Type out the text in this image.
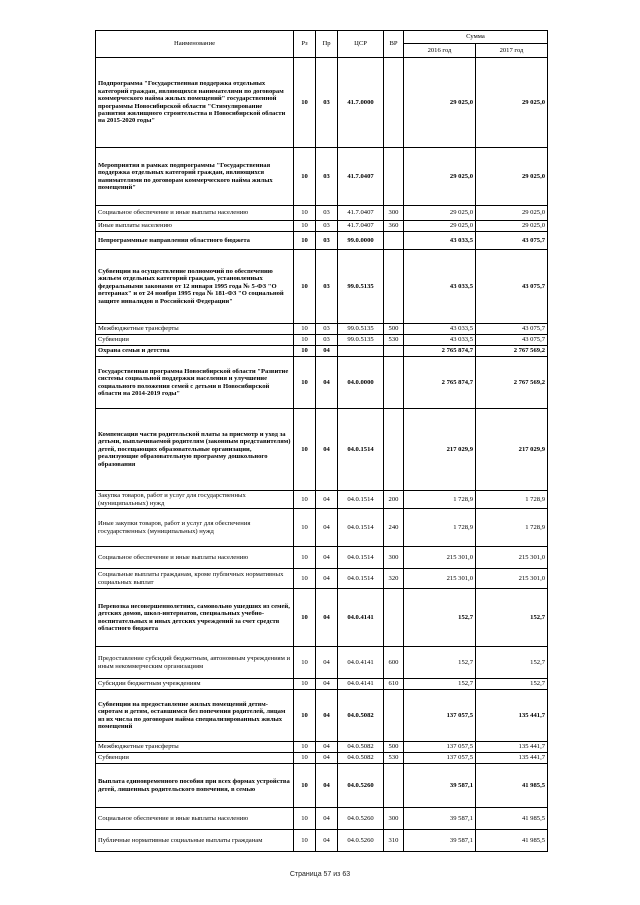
Наименование	Рз	Пр	ЦСР	ВР	Сумма	
					2016 год	2017 год
Подпрограмма "Государственная поддержка отдельных категорий граждан, являющихся нанимателями по договорам коммерческого найма жилых помещений" государственной программы Новосибирской области "Стимулирование развития жилищного строительства в Новосибирской области на 2015-2020 годы"	10	03	41.7.0000		29 025,0	29 025,0
Мероприятия в рамках подпрограммы "Государственная поддержка отдельных категорий граждан, являющихся нанимателями по договорам коммерческого найма жилых помещений"	10	03	41.7.0407		29 025,0	29 025,0
Социальное обеспечение и иные выплаты населению	10	03	41.7.0407	300	29 025,0	29 025,0
Иные выплаты населению	10	03	41.7.0407	360	29 025,0	29 025,0
Непрограммные направления областного бюджета	10	03	99.0.0000		43 033,5	43 075,7
Субвенции на осуществление полномочий по обеспечению жильем отдельных категорий граждан, установленных федеральными законами от 12 января 1995 года № 5-ФЗ "О ветеранах" и от 24 ноября 1995 года № 181-ФЗ "О социальной защите инвалидов в Российской Федерации"	10	03	99.0.5135		43 033,5	43 075,7
Межбюджетные трансферты	10	03	99.0.5135	500	43 033,5	43 075,7
Субвенции	10	03	99.0.5135	530	43 033,5	43 075,7
Охрана семьи и детства	10	04			2 765 874,7	2 767 569,2
Государственная программа Новосибирской области "Развитие системы социальной поддержки населения и улучшение социального положения семей с детьми в Новосибирской области на 2014-2019 годы"	10	04	04.0.0000		2 765 874,7	2 767 569,2
Компенсация части родительской платы за присмотр и уход за детьми, выплачиваемой родителям (законным представителям) детей, посещающих образовательные организации, реализующие образовательную программу дошкольного образования	10	04	04.0.1514		217 029,9	217 029,9
Закупка товаров, работ и услуг для государственных (муниципальных) нужд	10	04	04.0.1514	200	1 728,9	1 728,9
Иные закупки товаров, работ и услуг для обеспечения государственных (муниципальных) нужд	10	04	04.0.1514	240	1 728,9	1 728,9
Социальное обеспечение и иные выплаты населению	10	04	04.0.1514	300	215 301,0	215 301,0
Социальные выплаты гражданам, кроме публичных нормативных социальных выплат	10	04	04.0.1514	320	215 301,0	215 301,0
Перевозка несовершеннолетних, самовольно ушедших из семей, детских домов, школ-интернатов, специальных учебно-воспитательных и иных детских учреждений за счет средств областного бюджета	10	04	04.0.4141		152,7	152,7
Предоставление субсидий бюджетным, автономным учреждениям и иным некоммерческим организациям	10	04	04.0.4141	600	152,7	152,7
Субсидии бюджетным учреждениям	10	04	04.0.4141	610	152,7	152,7
Субвенции на предоставление жилых помещений детям-сиротам и детям, оставшимся без попечения родителей, лицам из их числа по договорам найма специализированных жилых помещений	10	04	04.0.5082		137 057,5	135 441,7
Межбюджетные трансферты	10	04	04.0.5082	500	137 057,5	135 441,7
Субвенции	10	04	04.0.5082	530	137 057,5	135 441,7
Выплата единовременного пособия при всех формах устройства детей, лишенных родительского попечения, в семью	10	04	04.0.5260		39 587,1	41 985,5
Социальное обеспечение и иные выплаты населению	10	04	04.0.5260	300	39 587,1	41 985,5
Публичные нормативные социальные выплаты гражданам	10	04	04.0.5260	310	39 587,1	41 985,5
Страница 57 из 63
